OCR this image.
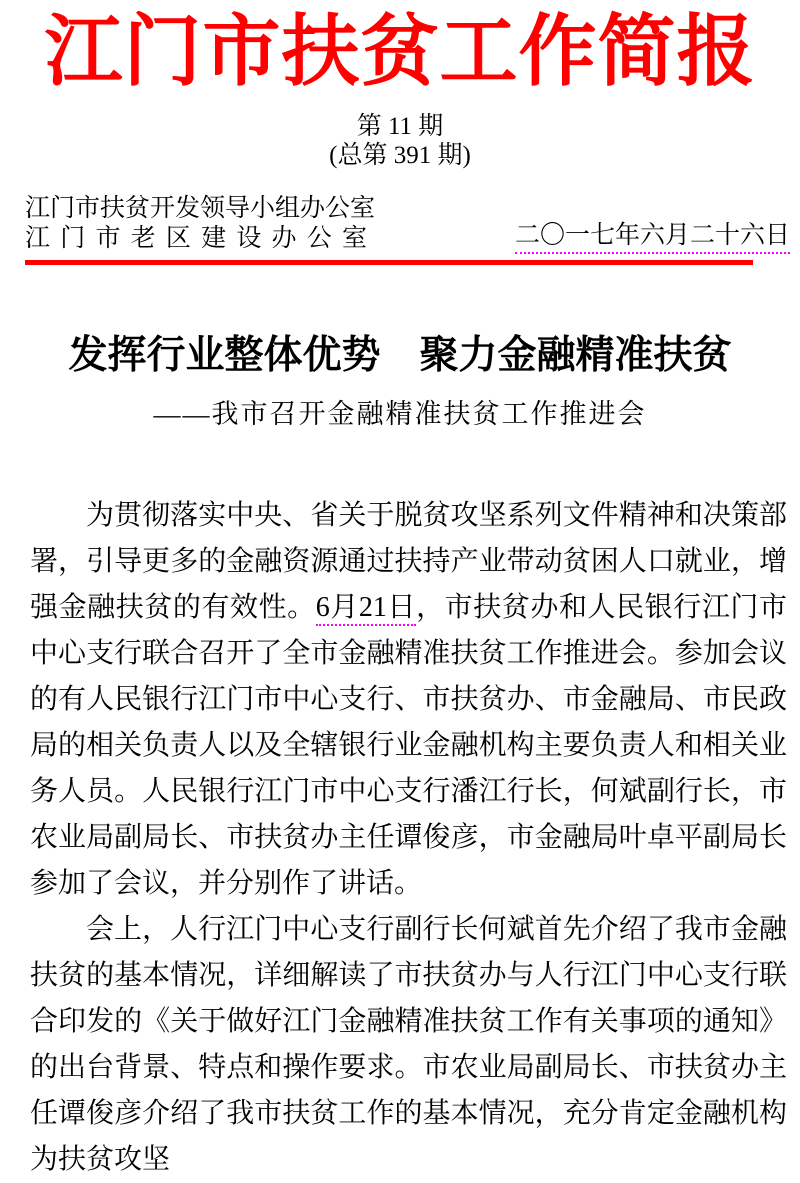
江门市扶贫工作简报
第 11 期
(总第 391 期)
江门市扶贫开发领导小组办公室
江门市老区建设办公室	二〇一七年六月二十六日
发挥行业整体优势　聚力金融精准扶贫
——我市召开金融精准扶贫工作推进会

为贯彻落实中央、省关于脱贫攻坚系列文件精神和决策部署，引导更多的金融资源通过扶持产业带动贫困人口就业，增强金融扶贫的有效性。6月21日，市扶贫办和人民银行江门市中心支行联合召开了全市金融精准扶贫工作推进会。参加会议的有人民银行江门市中心支行、市扶贫办、市金融局、市民政局的相关负责人以及全辖银行业金融机构主要负责人和相关业务人员。人民银行江门市中心支行潘江行长，何斌副行长，市农业局副局长、市扶贫办主任谭俊彦，市金融局叶卓平副局长参加了会议，并分别作了讲话。

会上，人行江门中心支行副行长何斌首先介绍了我市金融扶贫的基本情况，详细解读了市扶贫办与人行江门中心支行联合印发的《关于做好江门金融精准扶贫工作有关事项的通知》的出台背景、特点和操作要求。市农业局副局长、市扶贫办主任谭俊彦介绍了我市扶贫工作的基本情况，充分肯定金融机构为扶贫攻坚
